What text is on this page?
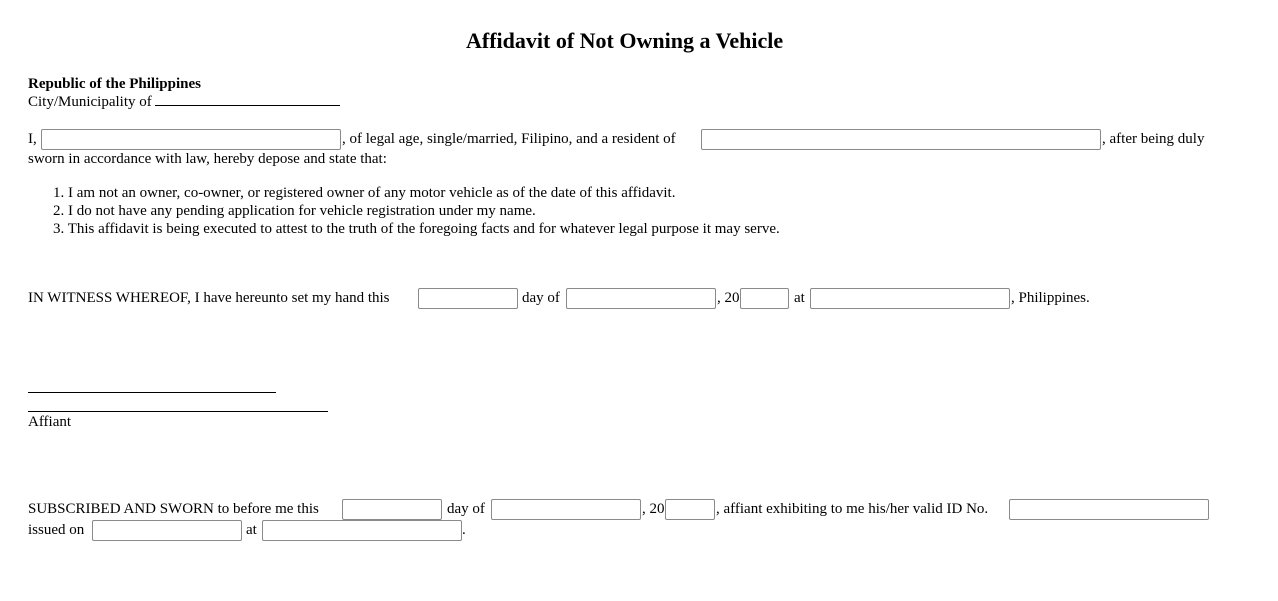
Affidavit of Not Owning a Vehicle
Republic of the Philippines
City/Municipality of
I,	, of legal age, single/married, Filipino, and a resident of	, after being duly
sworn in accordance with law, hereby depose and state that:
1. I am not an owner, co-owner, or registered owner of any motor vehicle as of the date of this affidavit.
2. I do not have any pending application for vehicle registration under my name.
3. This affidavit is being executed to attest to the truth of the foregoing facts and for whatever legal purpose it may serve.
IN WITNESS WHEREOF, I have hereunto set my hand this	day of	, 20	at	, Philippines.
Affiant
SUBSCRIBED AND SWORN to before me this	day of	, 20	, affiant exhibiting to me his/her valid ID No.
issued on	at	.
